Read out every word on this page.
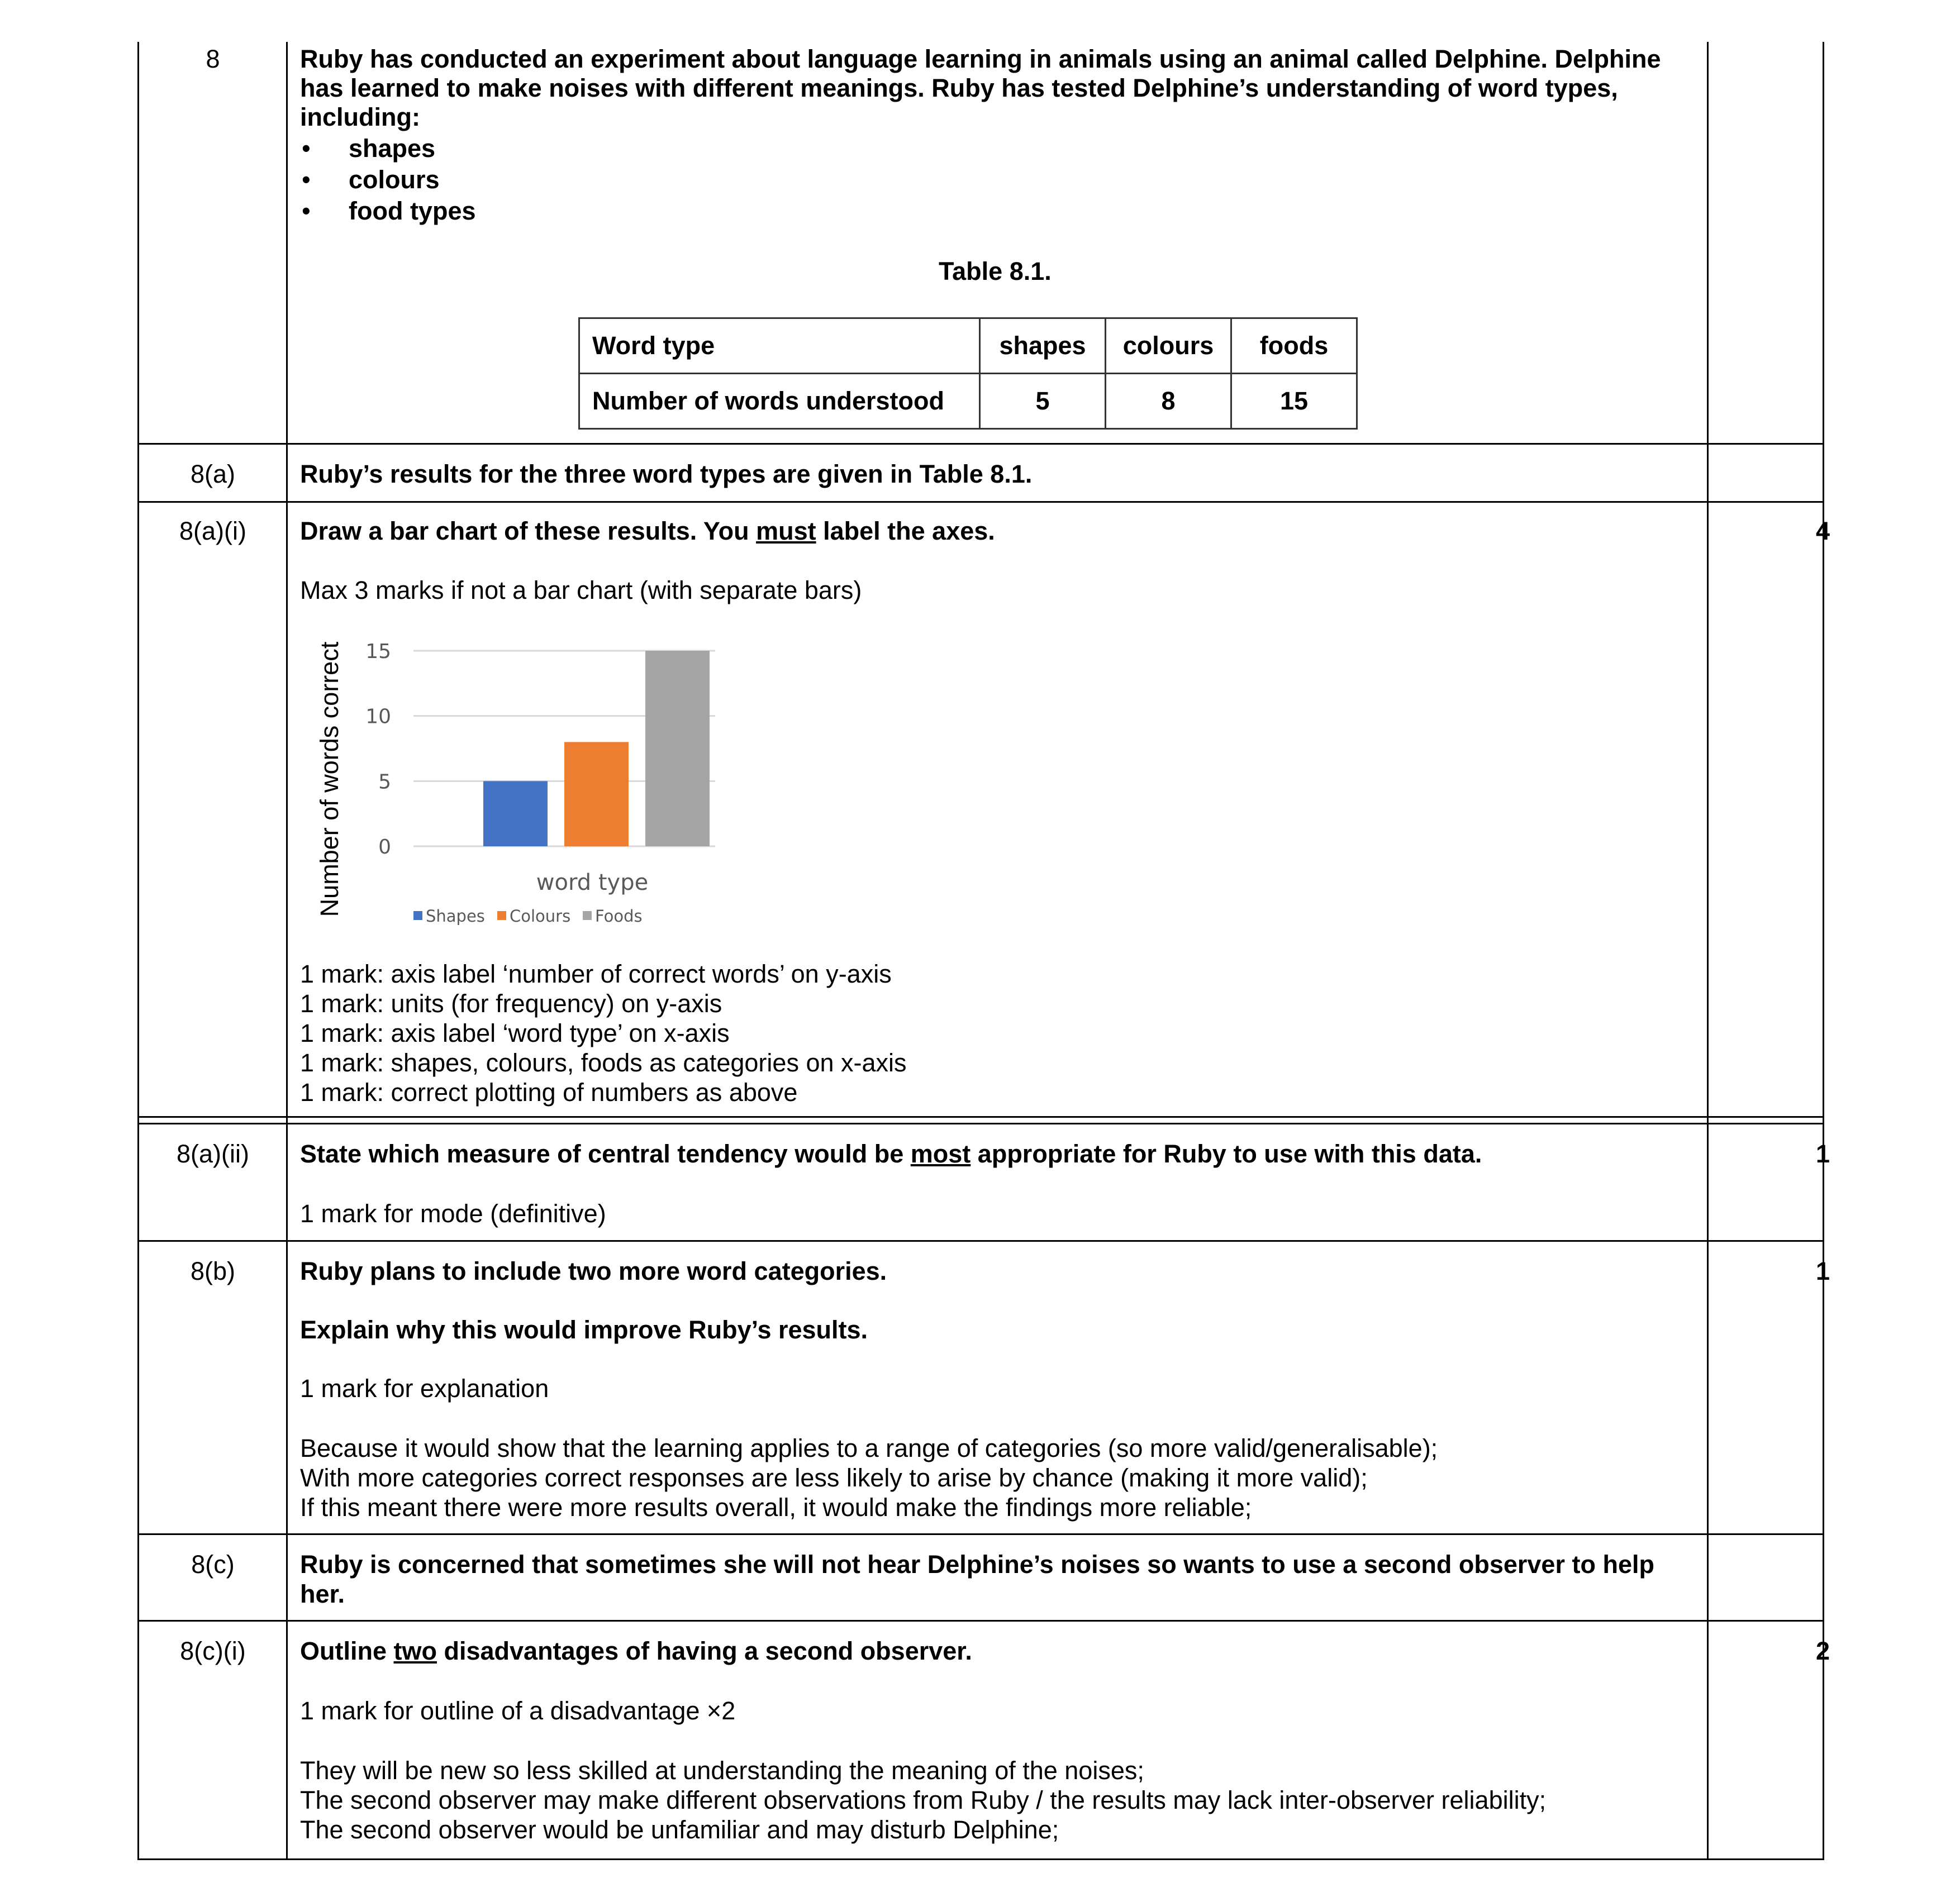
8	Ruby has conducted an experiment about language learning in animals using an animal called Delphine. Delphine
has learned to make noises with different meanings. Ruby has tested Delphine’s understanding of word types,
including:
• shapes
• colours
• food types
Table 8.1.
Word type	shapes	colours	foods
Number of words understood	5	8	15
8(a)	Ruby’s results for the three word types are given in Table 8.1.
8(a)(i)	Draw a bar chart of these results. You must label the axes.	4
Max 3 marks if not a bar chart (with separate bars)
0
5
10
15
word type
Number of words correct	Shapes Colours Foods
1 mark: axis label ‘number of correct words’ on y-axis
1 mark: units (for frequency) on y-axis
1 mark: axis label ‘word type’ on x-axis
1 mark: shapes, colours, foods as categories on x-axis
1 mark: correct plotting of numbers as above
8(a)(ii)	State which measure of central tendency would be most appropriate for Ruby to use with this data.	1
1 mark for mode (definitive)
8(b)	Ruby plans to include two more word categories.	1
Explain why this would improve Ruby’s results.
1 mark for explanation
Because it would show that the learning applies to a range of categories (so more valid/generalisable);
With more categories correct responses are less likely to arise by chance (making it more valid);
If this meant there were more results overall, it would make the findings more reliable;
8(c)	Ruby is concerned that sometimes she will not hear Delphine’s noises so wants to use a second observer to help
her.
8(c)(i)	Outline two disadvantages of having a second observer.	2
1 mark for outline of a disadvantage ×2
They will be new so less skilled at understanding the meaning of the noises;
The second observer may make different observations from Ruby / the results may lack inter-observer reliability;
The second observer would be unfamiliar and may disturb Delphine;
